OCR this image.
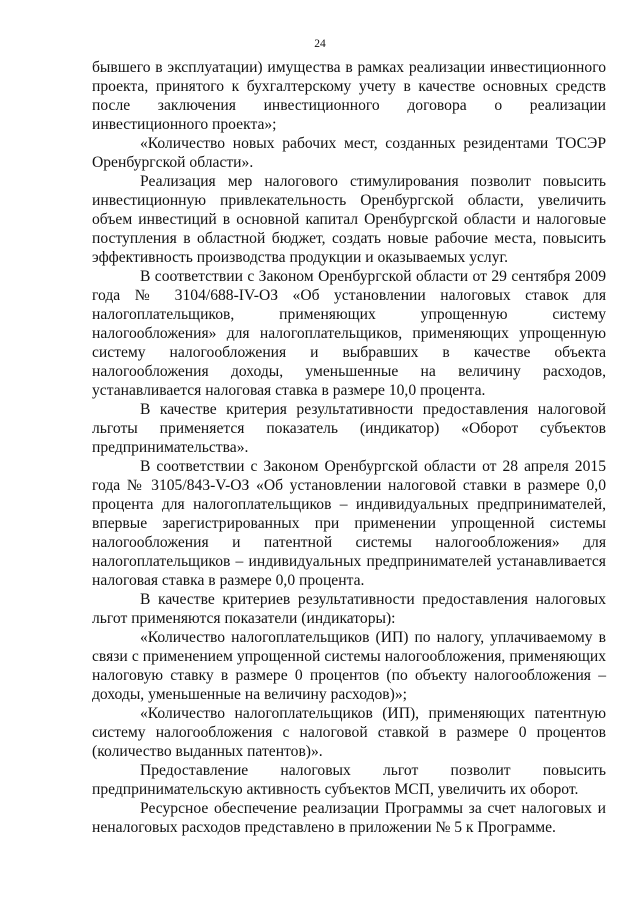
24

бывшего в эксплуатации) имущества в рамках реализации инвестиционного проекта, принятого к бухгалтерскому учету в качестве основных средств после заключения инвестиционного договора о реализации инвестиционного проекта»;

«Количество новых рабочих мест, созданных резидентами ТОСЭР Оренбургской области».

Реализация мер налогового стимулирования позволит повысить инвестиционную привлекательность Оренбургской области, увеличить объем инвестиций в основной капитал Оренбургской области и налоговые поступления в областной бюджет, создать новые рабочие места, повысить эффективность производства продукции и оказываемых услуг.

В соответствии с Законом Оренбургской области от 29 сентября 2009 года № 3104/688-IV-ОЗ «Об установлении налоговых ставок для налогоплательщиков, применяющих упрощенную систему налогообложения» для налогоплательщиков, применяющих упрощенную систему налогообложения и выбравших в качестве объекта налогообложения доходы, уменьшенные на величину расходов, устанавливается налоговая ставка в размере 10,0 процента.

В качестве критерия результативности предоставления налоговой льготы применяется показатель (индикатор) «Оборот субъектов предпринимательства».

В соответствии с Законом Оренбургской области от 28 апреля 2015 года № 3105/843-V-ОЗ «Об установлении налоговой ставки в размере 0,0 процента для налогоплательщиков – индивидуальных предпринимателей, впервые зарегистрированных при применении упрощенной системы налогообложения и патентной системы налогообложения» для налогоплательщиков – индивидуальных предпринимателей устанавливается налоговая ставка в размере 0,0 процента.

В качестве критериев результативности предоставления налоговых льгот применяются показатели (индикаторы):

«Количество налогоплательщиков (ИП) по налогу, уплачиваемому в связи с применением упрощенной системы налогообложения, применяющих налоговую ставку в размере 0 процентов (по объекту налогообложения – доходы, уменьшенные на величину расходов)»;

«Количество налогоплательщиков (ИП), применяющих патентную систему налогообложения с налоговой ставкой в размере 0 процентов (количество выданных патентов)».

Предоставление налоговых льгот позволит повысить предпринимательскую активность субъектов МСП, увеличить их оборот.

Ресурсное обеспечение реализации Программы за счет налоговых и неналоговых расходов представлено в приложении № 5 к Программе.
